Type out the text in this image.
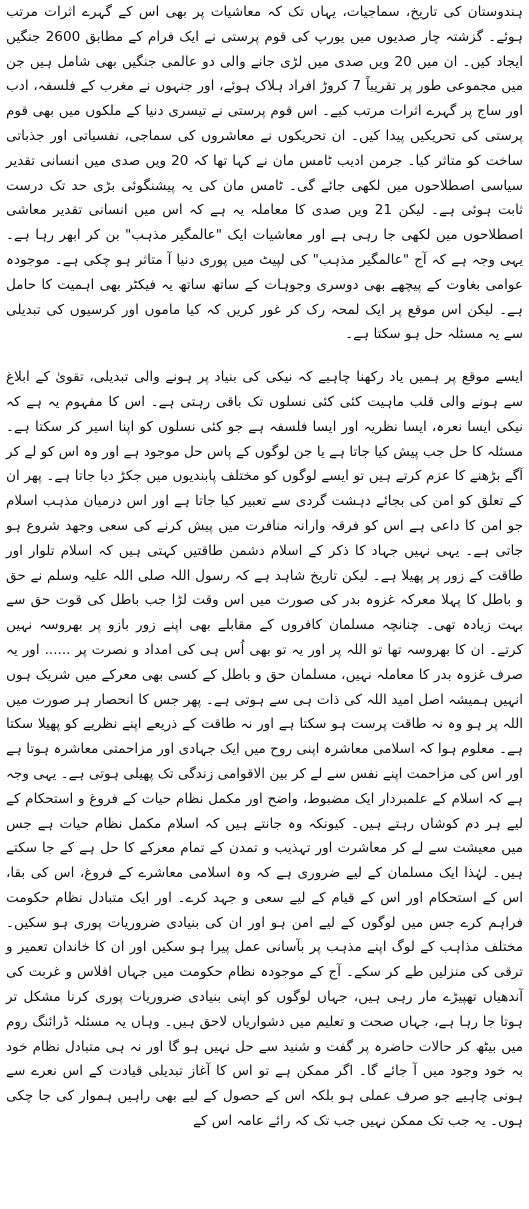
ہندوستان کی تاریخ، سماجیات، یہاں تک کہ معاشیات پر بھی اس کے گہرے اثرات مرتب ہوئے۔ گزشتہ چار صدیوں میں یورپ کی قوم پرستی نے ایک فرام کے مطابق 2600 جنگیں ایجاد کیں۔ ان میں 20 ویں صدی میں لڑی جانے والی دو عالمی جنگیں بھی شامل ہیں جن میں مجموعی طور پر تقریباً 7 کروڑ افراد ہلاک ہوئے، اور جنہوں نے مغرب کے فلسفہ، ادب اور ساج پر گہرے اثرات مرتب کیے۔ اس قوم پرستی نے تیسری دنیا کے ملکوں میں بھی قوم پرستی کی تحریکیں پیدا کیں۔ ان تحریکوں نے معاشروں کی سماجی، نفسیاتی اور جذباتی ساخت کو متاثر کیا۔ جرمن ادیب ٹامس مان نے کہا تھا کہ 20 ویں صدی میں انسانی تقدیر سیاسی اصطلاحوں میں لکھی جائے گی۔ ٹامس مان کی یہ پیشنگوئی بڑی حد تک درست ثابت ہوئی ہے۔ لیکن 21 ویں صدی کا معاملہ یہ ہے کہ اس میں انسانی تقدیر معاشی اصطلاحوں میں لکھی جا رہی ہے اور معاشیات ایک "عالمگیر مذہب" بن کر ابھر رہا ہے۔ یہی وجہ ہے کہ آج "عالمگیر مذہب" کی لپیٹ میں پوری دنیا آ متاثر ہو چکی ہے۔ موجودہ عوامی بغاوت کے پیچھے بھی دوسری وجوہات کے ساتھ ساتھ یہ فیکٹر بھی اہمیت کا حامل ہے۔ لیکن اس موقع پر ایک لمحہ رک کر غور کریں کہ کیا ماموں اور کرسیوں کی تبدیلی سے یہ مسئلہ حل ہو سکتا ہے۔

ایسے موقع پر ہمیں یاد رکھنا چاہیے کہ نیکی کی بنیاد پر ہونے والی تبدیلی، تقویٰ کے ابلاغ سے ہونے والی قلب ماہیت کئی کئی نسلوں تک باقی رہتی ہے۔ اس کا مفہوم یہ ہے کہ نیکی ایسا نعرہ، ایسا نظریہ اور ایسا فلسفہ ہے جو کئی نسلوں کو اپنا اسیر کر سکتا ہے۔ مسئلہ کا حل جب پیش کیا جاتا ہے یا جن لوگوں کے پاس حل موجود ہے اور وہ اس کو لے کر آگے بڑھنے کا عزم کرتے ہیں تو ایسے لوگوں کو مختلف پابندیوں میں جکڑ دیا جاتا ہے۔ پھر ان کے تعلق کو امن کی بجائے دہشت گردی سے تعبیر کیا جاتا ہے اور اس درمیان مذہب اسلام جو امن کا داعی ہے اس کو فرقہ وارانہ منافرت میں پیش کرنے کی سعی وجھد شروع ہو جاتی ہے۔ یہی نہیں جہاد کا ذکر کے اسلام دشمن طاقتیں کہتی ہیں کہ اسلام تلوار اور طاقت کے زور پر پھیلا ہے۔ لیکن تاریخ شاہد ہے کہ رسول اللہ صلی اللہ علیہ وسلم نے حق و باطل کا پہلا معرکہ غزوہ بدر کی صورت میں اس وقت لڑا جب باطل کی قوت حق سے بہت زیادہ تھی۔ چنانچہ مسلمان کافروں کے مقابلے بھی اپنے زور بازو پر بھروسہ نہیں کرتے۔ ان کا بھروسہ تھا تو اللہ پر اور یہ تو بھی اُس ہی کی امداد و نصرت پر ...... اور یہ صرف غزوہ بدر کا معاملہ نہیں، مسلمان حق و باطل کے کسی بھی معرکے میں شریک ہوں انہیں ہمیشہ اصل امید اللہ کی ذات ہی سے ہوتی ہے۔ پھر جس کا انحصار ہر صورت میں اللہ پر ہو وہ نہ طاقت پرست ہو سکتا ہے اور نہ طاقت کے ذریعے اپنے نظریے کو پھیلا سکتا ہے۔ معلوم ہوا کہ اسلامی معاشرہ اپنی روح میں ایک جہادی اور مزاحمتی معاشرہ ہوتا ہے اور اس کی مزاحمت اپنے نفس سے لے کر بین الاقوامی زندگی تک پھیلی ہوتی ہے۔ یہی وجہ ہے کہ اسلام کے علمبردار ایک مضبوط، واضح اور مکمل نظام حیات کے فروغ و استحکام کے لیے ہر دم کوشاں رہتے ہیں۔ کیونکہ وہ جانتے ہیں کہ اسلام مکمل نظام حیات ہے جس میں معیشت سے لے کر معاشرت اور تہذیب و تمدن کے تمام معرکے کا حل ہے کے جا سکتے ہیں۔ لہٰذا ایک مسلمان کے لیے ضروری ہے کہ وہ اسلامی معاشرے کے فروغ، اس کی بقا، اس کے استحکام اور اس کے قیام کے لیے سعی و جہد کرے۔ اور ایک متبادل نظام حکومت فراہم کرے جس میں لوگوں کے لیے امن ہو اور ان کی بنیادی ضروریات پوری ہو سکیں۔ مختلف مذاہب کے لوگ اپنے مذہب پر بآسانی عمل پیرا ہو سکیں اور ان کا خاندان تعمیر و ترقی کی منزلیں طے کر سکے۔ آج کے موجودہ نظام حکومت میں جہاں افلاس و غربت کی آندھیاں تھپیڑے مار رہی ہیں، جہاں لوگوں کو اپنی بنیادی ضروریات پوری کرنا مشکل تر ہوتا جا رہا ہے، جہاں صحت و تعلیم میں دشواریاں لاحق ہیں۔ وہاں یہ مسئلہ ڈرائنگ روم میں بیٹھ کر حالات حاضرہ پر گفت و شنید سے حل نہیں ہو گا اور نہ ہی متبادل نظام خود بہ خود وجود میں آ جائے گا۔ اگر ممکن ہے تو اس کا آغاز تبدیلی قیادت کے اس نعرے سے ہونی چاہیے جو صرف عملی ہو بلکہ اس کے حصول کے لیے بھی راہیں ہموار کی جا چکی ہوں۔ یہ جب تک ممکن نہیں جب تک کہ رائے عامہ اس کے
